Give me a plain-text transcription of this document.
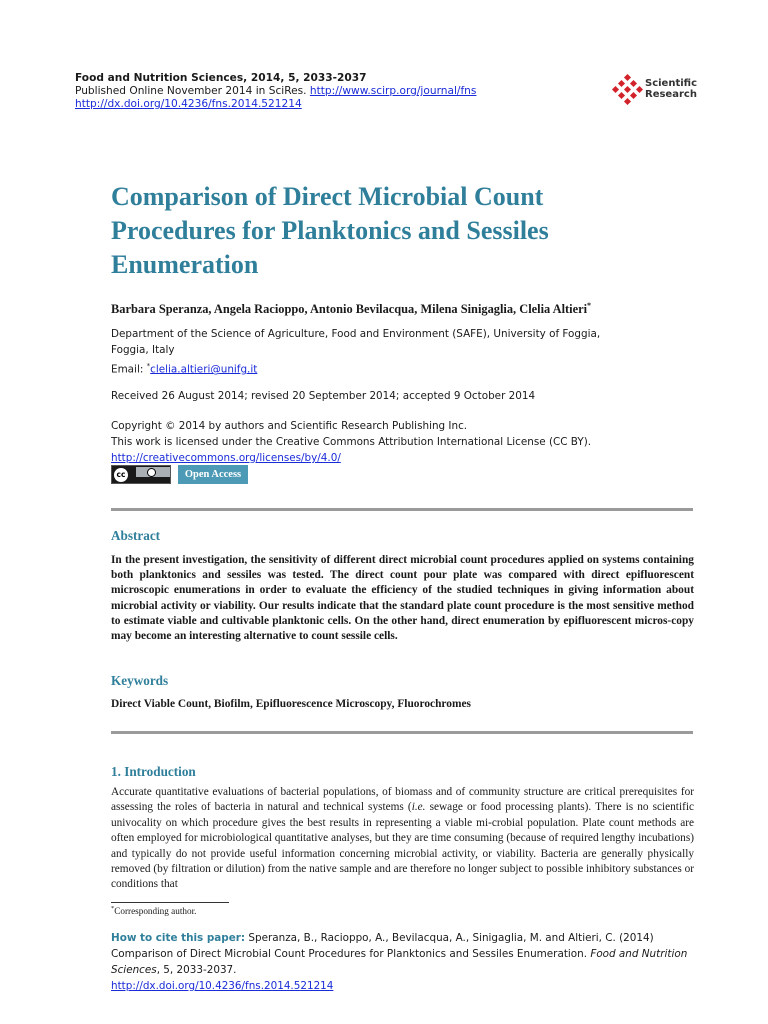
Food and Nutrition Sciences, 2014, 5, 2033-2037
Published Online November 2014 in SciRes. http://www.scirp.org/journal/fns
http://dx.doi.org/10.4236/fns.2014.521214
Scientific
Research
Comparison of Direct Microbial Count Procedures for Planktonics and Sessiles Enumeration
Barbara Speranza, Angela Racioppo, Antonio Bevilacqua, Milena Sinigaglia, Clelia Altieri*
Department of the Science of Agriculture, Food and Environment (SAFE), University of Foggia,
Foggia, Italy
Email: *clelia.altieri@unifg.it
Received 26 August 2014; revised 20 September 2014; accepted 9 October 2014
Copyright © 2014 by authors and Scientific Research Publishing Inc.
This work is licensed under the Creative Commons Attribution International License (CC BY).
http://creativecommons.org/licenses/by/4.0/
cc	Open Access
Abstract
In the present investigation, the sensitivity of different direct microbial count procedures applied on systems containing both planktonics and sessiles was tested. The direct count pour plate was compared with direct epifluorescent microscopic enumerations in order to evaluate the efficiency of the studied techniques in giving information about microbial activity or viability. Our results indicate that the standard plate count procedure is the most sensitive method to estimate viable and cultivable planktonic cells. On the other hand, direct enumeration by epifluorescent micros-copy may become an interesting alternative to count sessile cells.
Keywords
Direct Viable Count, Biofilm, Epifluorescence Microscopy, Fluorochromes
1. Introduction
Accurate quantitative evaluations of bacterial populations, of biomass and of community structure are critical prerequisites for assessing the roles of bacteria in natural and technical systems (i.e. sewage or food processing plants). There is no scientific univocality on which procedure gives the best results in representing a viable mi-crobial population. Plate count methods are often employed for microbiological quantitative analyses, but they are time consuming (because of required lengthy incubations) and typically do not provide useful information concerning microbial activity, or viability. Bacteria are generally physically removed (by filtration or dilution) from the native sample and are therefore no longer subject to possible inhibitory substances or conditions that
*Corresponding author.
How to cite this paper: Speranza, B., Racioppo, A., Bevilacqua, A., Sinigaglia, M. and Altieri, C. (2014) Comparison of Direct Microbial Count Procedures for Planktonics and Sessiles Enumeration. Food and Nutrition Sciences, 5, 2033-2037.
http://dx.doi.org/10.4236/fns.2014.521214
